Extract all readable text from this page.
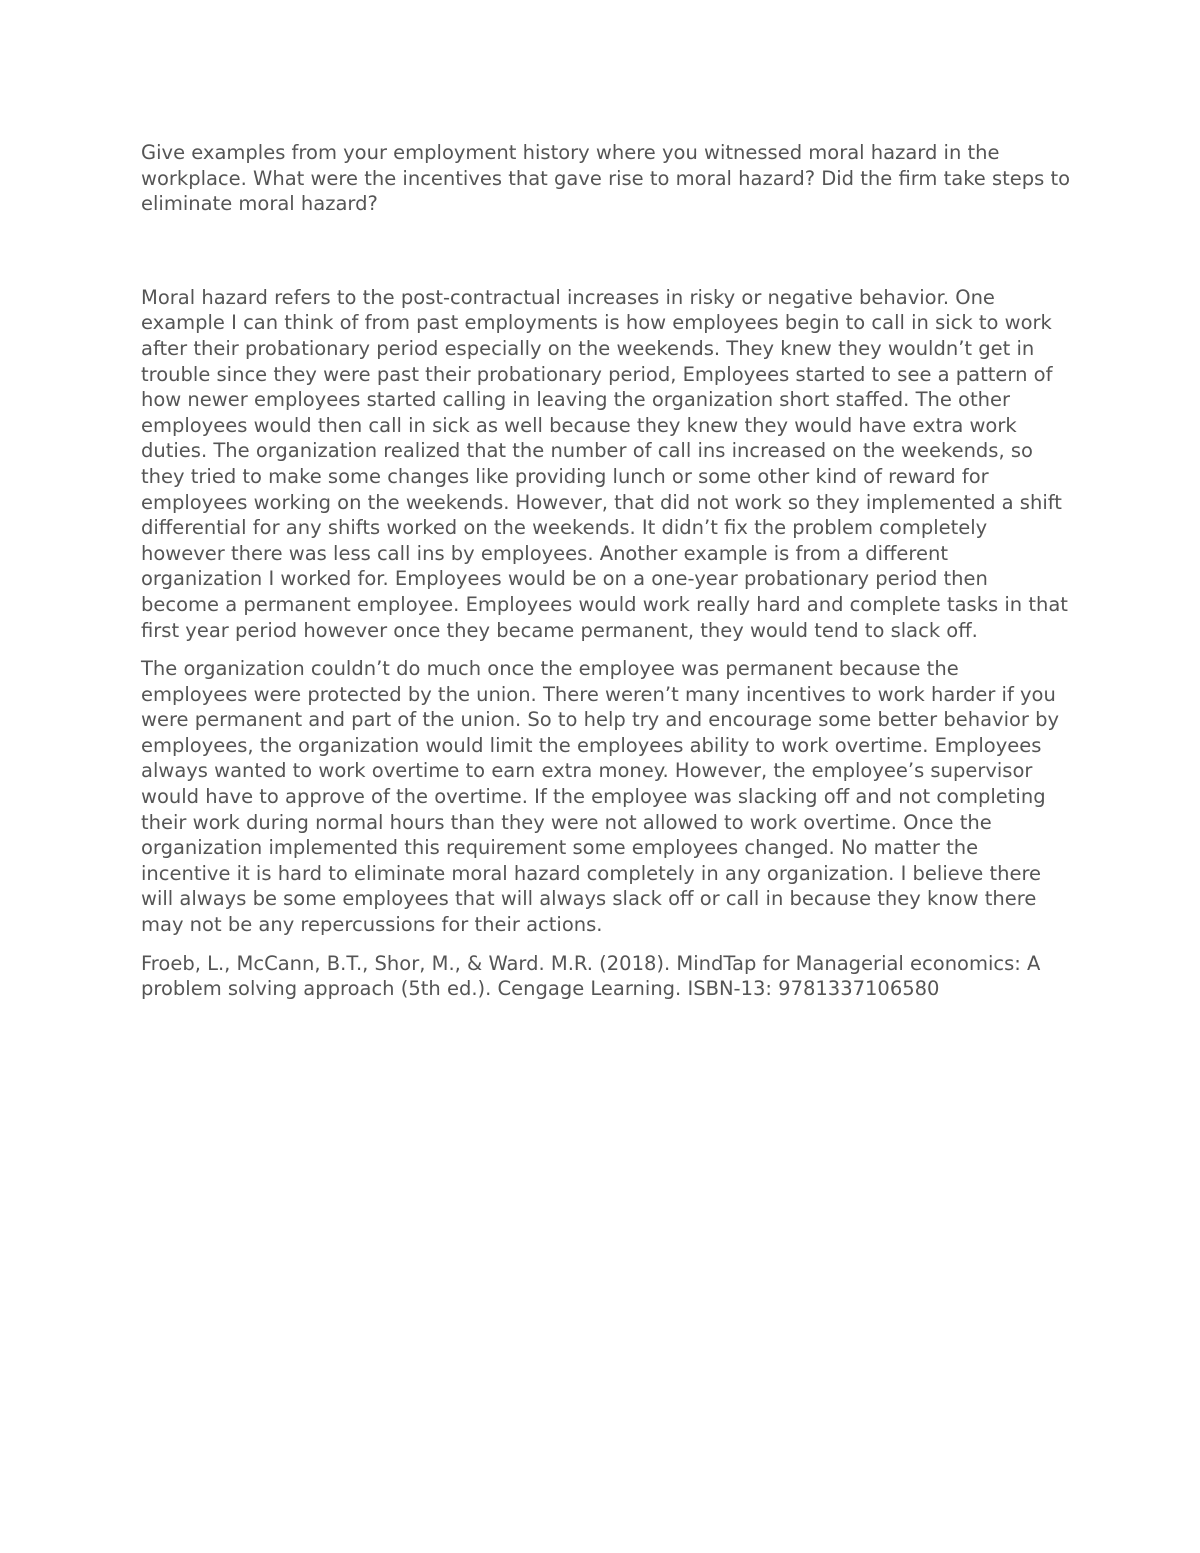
Give examples from your employment history where you witnessed moral hazard in the workplace. What were the incentives that gave rise to moral hazard? Did the firm take steps to eliminate moral hazard?

Moral hazard refers to the post-contractual increases in risky or negative behavior. One example I can think of from past employments is how employees begin to call in sick to work after their probationary period especially on the weekends. They knew they wouldn’t get in trouble since they were past their probationary period, Employees started to see a pattern of how newer employees started calling in leaving the organization short staffed. The other employees would then call in sick as well because they knew they would have extra work duties. The organization realized that the number of call ins increased on the weekends, so they tried to make some changes like providing lunch or some other kind of reward for employees working on the weekends. However, that did not work so they implemented a shift differential for any shifts worked on the weekends. It didn’t fix the problem completely however there was less call ins by employees. Another example is from a different organization I worked for. Employees would be on a one-year probationary period then become a permanent employee. Employees would work really hard and complete tasks in that first year period however once they became permanent, they would tend to slack off.

The organization couldn’t do much once the employee was permanent because the employees were protected by the union. There weren’t many incentives to work harder if you were permanent and part of the union. So to help try and encourage some better behavior by employees, the organization would limit the employees ability to work overtime. Employees always wanted to work overtime to earn extra money. However, the employee’s supervisor would have to approve of the overtime. If the employee was slacking off and not completing their work during normal hours than they were not allowed to work overtime. Once the organization implemented this requirement some employees changed. No matter the incentive it is hard to eliminate moral hazard completely in any organization. I believe there will always be some employees that will always slack off or call in because they know there may not be any repercussions for their actions.

Froeb, L., McCann, B.T., Shor, M., & Ward. M.R. (2018). MindTap for Managerial economics: A problem solving approach (5th ed.). Cengage Learning. ISBN-13: 9781337106580
